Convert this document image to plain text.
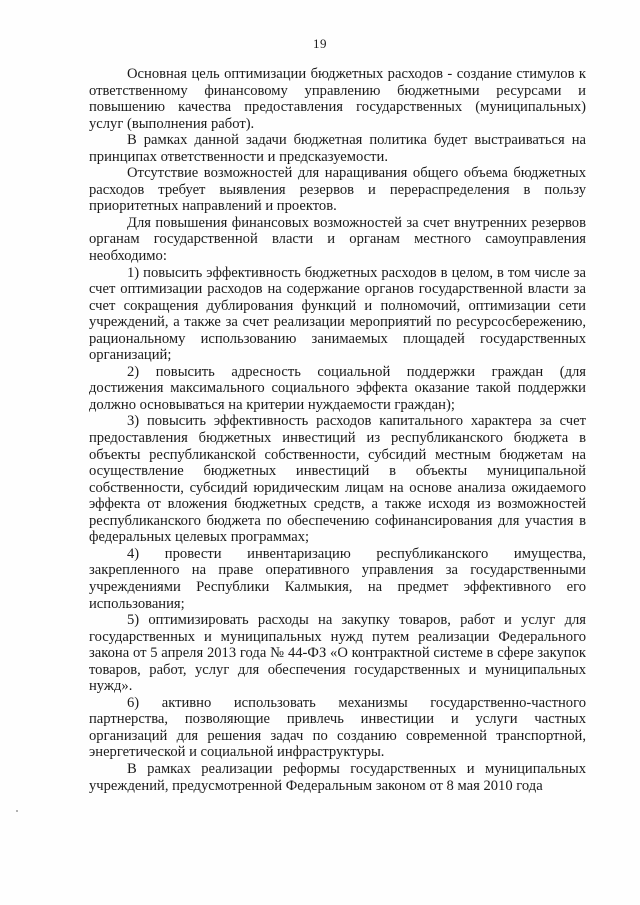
19

Основная цель оптимизации бюджетных расходов - создание стимулов к ответственному финансовому управлению бюджетными ресурсами и повышению качества предоставления государственных (муниципальных) услуг (выполнения работ).

В рамках данной задачи бюджетная политика будет выстраиваться на принципах ответственности и предсказуемости.

Отсутствие возможностей для наращивания общего объема бюджетных расходов требует выявления резервов и перераспределения в пользу приоритетных направлений и проектов.

Для повышения финансовых возможностей за счет внутренних резервов органам государственной власти и органам местного самоуправления необходимо:

1) повысить эффективность бюджетных расходов в целом, в том числе за счет оптимизации расходов на содержание органов государственной власти за счет сокращения дублирования функций и полномочий, оптимизации сети учреждений, а также за счет реализации мероприятий по ресурсосбережению, рациональному использованию занимаемых площадей государственных организаций;

2) повысить адресность социальной поддержки граждан (для достижения максимального социального эффекта оказание такой поддержки должно основываться на критерии нуждаемости граждан);

3) повысить эффективность расходов капитального характера за счет предоставления бюджетных инвестиций из республиканского бюджета в объекты республиканской собственности, субсидий местным бюджетам на осуществление бюджетных инвестиций в объекты муниципальной собственности, субсидий юридическим лицам на основе анализа ожидаемого эффекта от вложения бюджетных средств, а также исходя из возможностей республиканского бюджета по обеспечению софинансирования для участия в федеральных целевых программах;

4) провести инвентаризацию республиканского имущества, закрепленного на праве оперативного управления за государственными учреждениями Республики Калмыкия, на предмет эффективного его использования;

5) оптимизировать расходы на закупку товаров, работ и услуг для государственных и муниципальных нужд путем реализации Федерального закона от 5 апреля 2013 года № 44-ФЗ «О контрактной системе в сфере закупок товаров, работ, услуг для обеспечения государственных и муниципальных нужд».

6) активно использовать механизмы государственно-частного партнерства, позволяющие привлечь инвестиции и услуги частных организаций для решения задач по созданию современной транспортной, энергетической и социальной инфраструктуры.

В рамках реализации реформы государственных и муниципальных учреждений, предусмотренной Федеральным законом от 8 мая 2010 года
